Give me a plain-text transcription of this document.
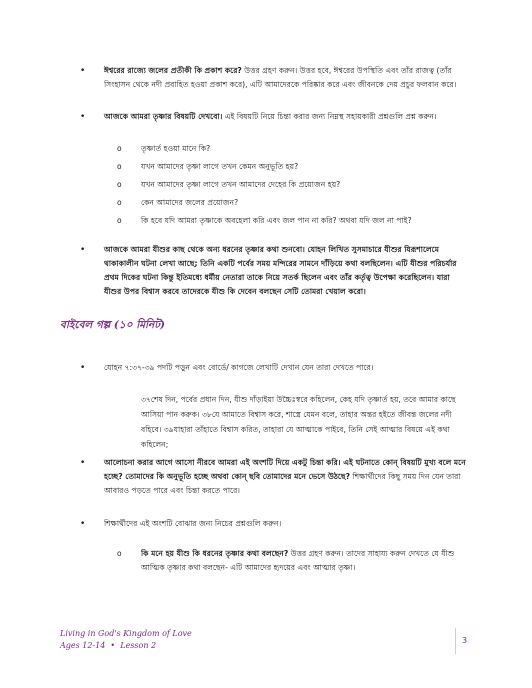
• ঈশ্বরের রাজ্যে জলের প্রতীকী কি প্রকাশ করে? উত্তর গ্রহণ করুন। উত্তর হবে, ঈশ্বরের উপস্থিতি এবং তাঁর রাজত্ব (তাঁর সিংহাসন থেকে নদী প্রবাহিত হওয়া প্রকাশ করে), এটি আমাদেরকে পরিষ্কার করে এবং জীবনকে দেয় প্রচুর ফলবান করে।
• আজকে আমরা তৃষ্ণার বিষয়টি দেখবো। এই বিষয়টি নিয়ে চিন্তা করার জন্য নিম্নস্থ সহায়কারী প্রশ্নগুলি প্রশ্ন করুন।
o	তৃষ্ণার্ত হওয়া মানে কি?
o	যখন আমাদের তৃষ্ণা লাগে তখন কেমন অনুভূতি হয়?
o	যখন আমাদের তৃষ্ণা লাগে তখন আমাদের দেহের কি প্রয়োজন হয়?
o	কেন আমাদের জলের প্রয়োজন?
o	কি হবে যদি আমরা তৃষ্ণাকে অবহেলা করি এবং জল পান না করি? অথবা যদি জল না পাই?
• আজকে আমরা যীশুর কাছ থেকে অন্য ধরনের তৃষ্ণার কথা শুনবো। যোহন লিখিত সুসমাচারে যীশুর যিরূশালেমে থাকাকালীন ঘটনা লেখা আছে; তিনি একটি পর্বের সময় মন্দিরের সামনে দাঁড়িয়ে কথা বলছিলেন। এটি যীশুর পরিচর্যার প্রথম দিকের ঘটনা কিন্তু ইতিমধ্যে ধর্মীয় নেতারা তাকে নিয়ে সতর্ক ছিলেন এবং তাঁর কর্তৃত্ব উপেক্ষা করেছিলেন। যারা যীশুর উপর বিশ্বাস করবে তাদেরকে যীশু কি দেবেন বলছেন সেটি তোমরা খেয়াল করো।
বাইবেল গল্প (১০ মিনিট)
• যোহন ৭:৩৭-৩৯ পদটি পড়ুন এবং বোর্ডে/ কাগজে লেখাটি দেখান যেন তারা দেখতে পারে।
৩৭শেষ দিন, পর্বের প্রধান দিন, যীশু দাঁড়াইয়া উচ্চৈঃস্বরে কহিলেন, কেহ যদি তৃষ্ণার্ত হয়, তবে আমার কাছে আসিয়া পান করুক। ৩৮যে আমাতে বিশ্বাস করে, শাস্ত্রে যেমন বলে, তাহার অন্তর হইতে জীবন্ত জলের নদী বহিবে। ৩৯যাহারা তাঁহাতে বিশ্বাস করিত, তাহারা যে আত্মাকে পাইবে, তিনি সেই আত্মার বিষয়ে এই কথা কহিলেন;
• আলোচনা করার আগে আসো নীরবে আমরা এই অংশটি দিয়ে একটু চিন্তা করি। এই ঘটনাতে কোন্‌ বিষয়টি মুখ্য বলে মনে হচ্ছে? তোমাদের কি অনুভূতি হচ্ছে অথবা কোন্‌ ছবি তোমাদের মনে ভেসে উঠছে? শিক্ষার্থীদের কিছু সময় দিন যেন তারা আবারও পড়তে পারে এবং চিন্তা করতে পারে।
• শিক্ষার্থীদের এই অংশটি বোঝার জন্য নিচের প্রশ্নগুলি করুন।
o	কি মনে হয় যীশু কি ধরনের তৃষ্ণার কথা বলছেন? উত্তর গ্রহণ করুন। তাদের সাহায্য করুন দেখতে যে যীশু আত্মিক তৃষ্ণার কথা বলছেন- এটি আমাদের হৃদয়ের এবং আত্মার তৃষ্ণা।
Living in God's Kingdom of Love
Ages 12-14  •  Lesson 2
3
